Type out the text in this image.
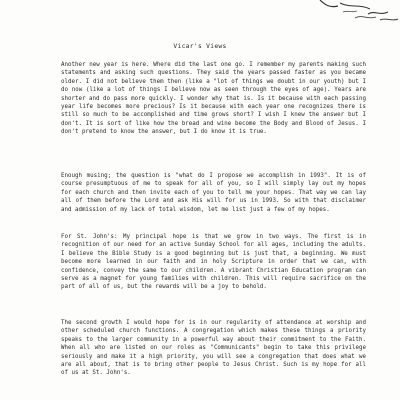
Vicar's Views

Another new year is here. Where did the last one go. I remember my parents making such statements and asking such questions. They said the years passed faster as you became older. I did not believe them then (like a "lot of things we doubt in our youth) but I do now (like a lot of things I believe now as seen through the eyes of age). Years are shorter and do pass more quickly. I wonder why that is. Is it because with each passing year life becomes more precious? Is it because with each year one recognizes there is still so much to be accomplished and time grows short? I wish I knew the answer but I don't. It is sort of like how the bread and wine become the Body and Blood of Jesus. I don't pretend to know the answer, but I do know it is true.

Enough musing; the question is "what do I propose we accomplish in 1993". It is of course presumptuous of me to speak for all of you, so I will simply lay out my hopes for each church and then invite each of you to tell me your hopes. That way we can lay all of them before the Lord and ask His will for us in 1993. So with that disclaimer and admission of my lack of total wisdom, let me list just a few of my hopes.

For St. John's: My principal hope is that we grow in two ways. The first is in recognition of our need for an active Sunday School for all ages, including the adults. I believe the Bible Study is a good beginning but is just that, a beginning. We must become more learned in our faith and in holy Scripture in order that we can, with confidence, convey the same to our children. A vibrant Christian Education program can serve as a magnet for young families with children. This will require sacrifice on the part of all of us, but the rewards will be a joy to behold.

The second growth I would hope for is in our regularity of attendance at worship and other scheduled church functions. A congregation which makes these things a priority speaks to the larger community in a powerful way about their commitment to the Faith. When all who are listed on our roles as "Communicants" begin to take this privilege seriously and make it a high priority, you will see a congregation that does what we are all about, that is to bring other people to Jesus Christ. Such is my hope for all of us at St. John's.
